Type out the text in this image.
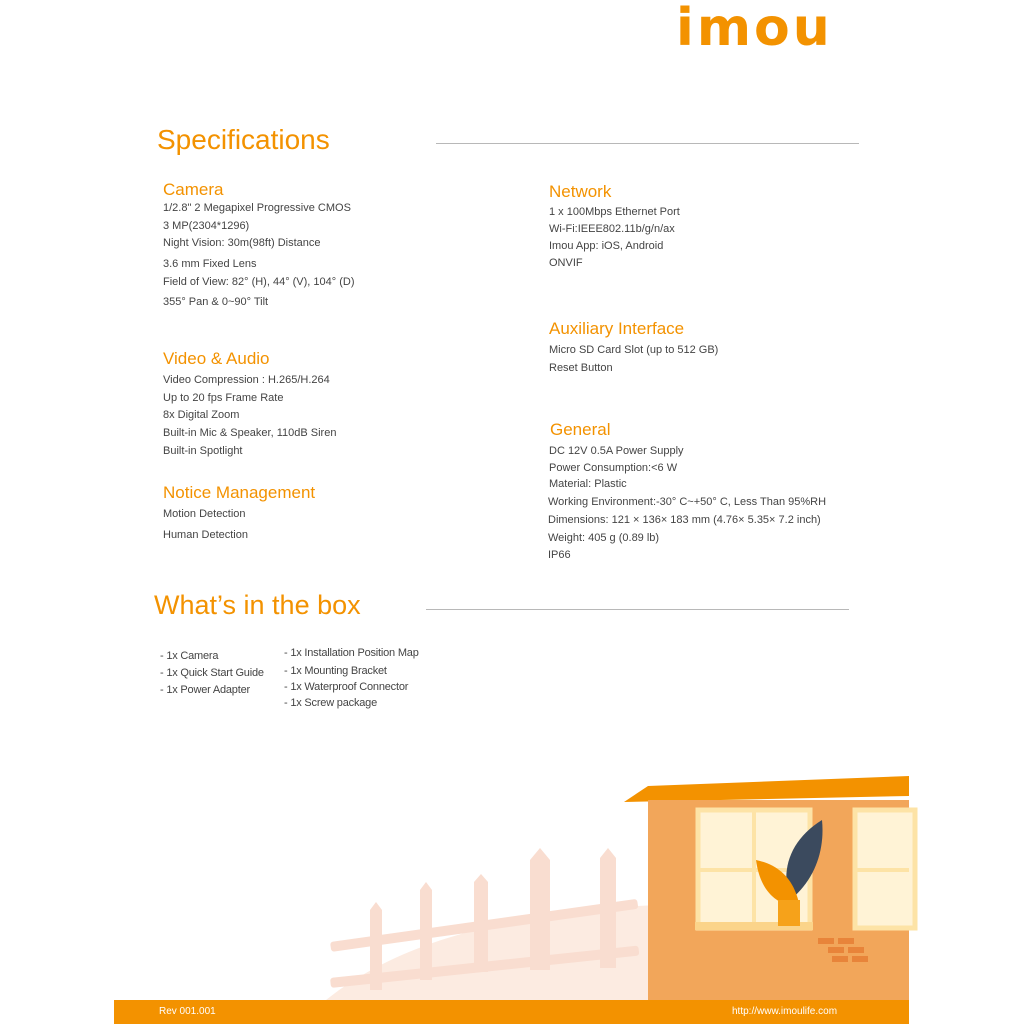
imou
Specifications
Camera
1/2.8" 2 Megapixel Progressive CMOS
3 MP(2304*1296)
Night Vision: 30m(98ft) Distance
3.6 mm Fixed Lens
Field of View: 82° (H), 44° (V), 104° (D)
355° Pan & 0~90° Tilt
Video & Audio
Video Compression : H.265/H.264
Up to 20 fps Frame Rate
8x Digital Zoom
Built-in Mic & Speaker, 110dB Siren
Built-in Spotlight
Notice Management
Motion Detection
Human Detection
Network
1 x 100Mbps Ethernet Port
Wi-Fi:IEEE802.11b/g/n/ax
Imou App: iOS, Android
ONVIF
Auxiliary Interface
Micro SD Card Slot (up to 512 GB)
Reset Button
General
DC 12V 0.5A Power Supply
Power Consumption:<6 W
Material: Plastic
Working Environment:-30° C~+50° C, Less Than 95%RH
Dimensions: 121 × 136× 183 mm (4.76× 5.35× 7.2 inch)
Weight: 405 g (0.89 lb)
IP66
What’s in the box
- 1x Camera
- 1x Quick Start Guide
- 1x Power Adapter
- 1x Installation Position Map
- 1x Mounting Bracket
- 1x Waterproof Connector
- 1x Screw package
Rev 001.001	http://www.imoulife.com
